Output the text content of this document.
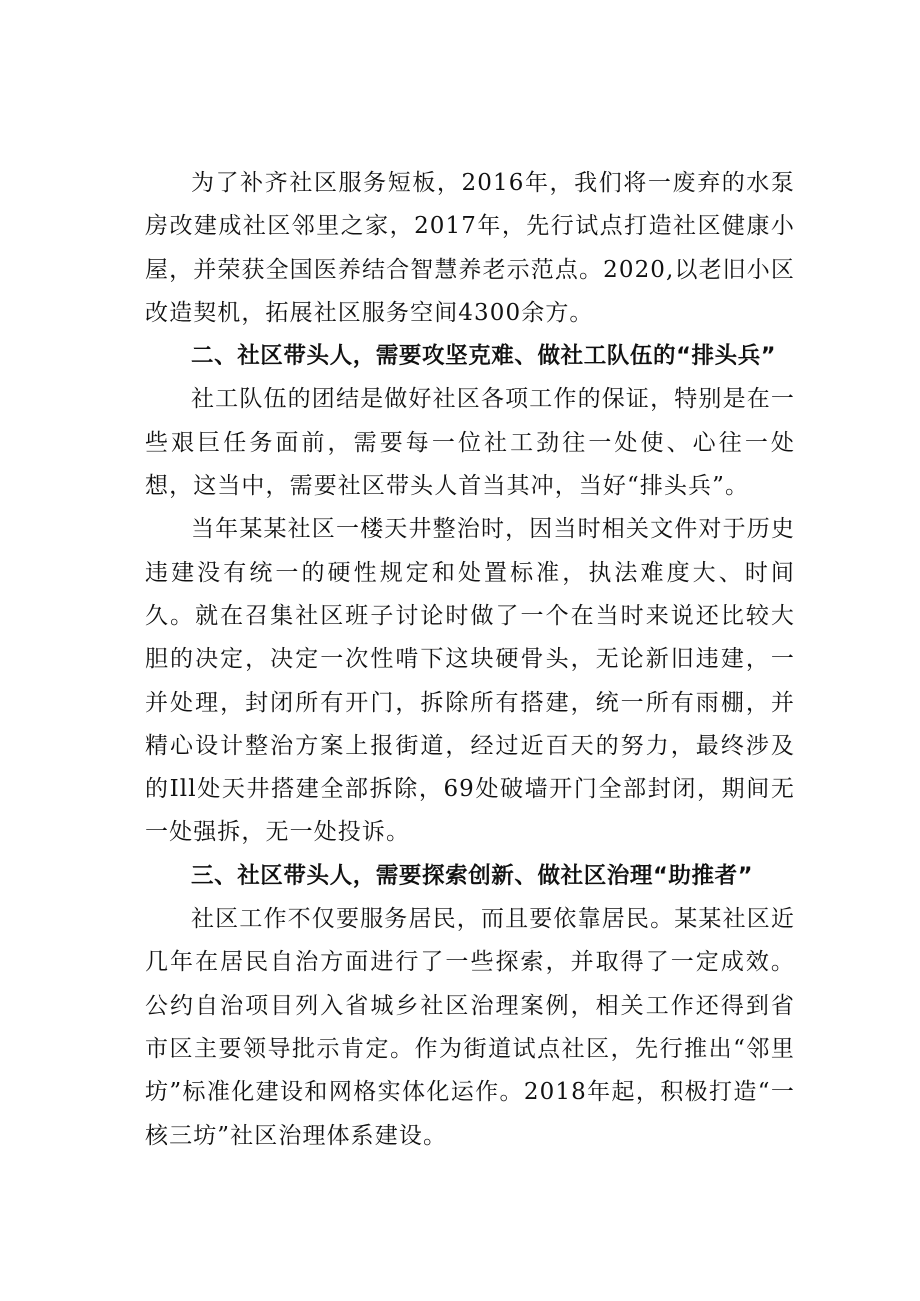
为了补齐社区服务短板，2016年，我们将一废弃的水泵房改建成社区邻里之家，2017年，先行试点打造社区健康小屋，并荣获全国医养结合智慧养老示范点。2020,以老旧小区改造契机，拓展社区服务空间4300余方。

二、社区带头人，需要攻坚克难、做社工队伍的“排头兵”

社工队伍的团结是做好社区各项工作的保证，特别是在一些艰巨任务面前，需要每一位社工劲往一处使、心往一处想，这当中，需要社区带头人首当其冲，当好“排头兵”。

当年某某社区一楼天井整治时，因当时相关文件对于历史违建没有统一的硬性规定和处置标准，执法难度大、时间久。就在召集社区班子讨论时做了一个在当时来说还比较大胆的决定，决定一次性啃下这块硬骨头，无论新旧违建，一并处理，封闭所有开门，拆除所有搭建，统一所有雨棚，并精心设计整治方案上报街道，经过近百天的努力，最终涉及的Ill处天井搭建全部拆除，69处破墙开门全部封闭，期间无一处强拆，无一处投诉。

三、社区带头人，需要探索创新、做社区治理“助推者”

社区工作不仅要服务居民，而且要依靠居民。某某社区近几年在居民自治方面进行了一些探索，并取得了一定成效。公约自治项目列入省城乡社区治理案例，相关工作还得到省市区主要领导批示肯定。作为街道试点社区，先行推出“邻里坊”标准化建设和网格实体化运作。2018年起，积极打造“一核三坊”社区治理体系建设。
